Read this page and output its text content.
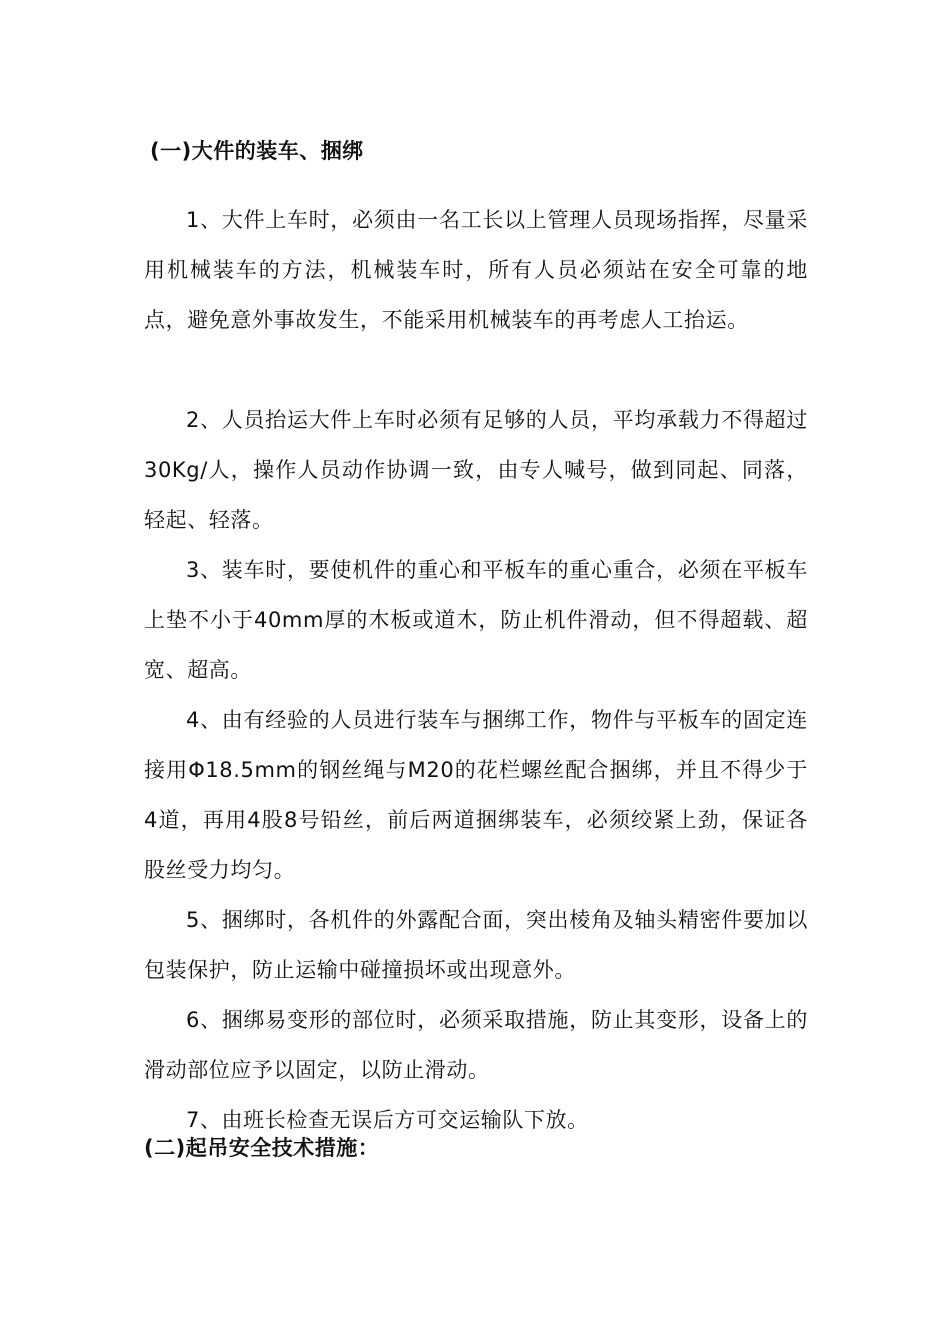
(一)大件的装车、捆绑

1、大件上车时，必须由一名工长以上管理人员现场指挥，尽量采用机械装车的方法，机械装车时，所有人员必须站在安全可靠的地点，避免意外事故发生，不能采用机械装车的再考虑人工抬运。

2、人员抬运大件上车时必须有足够的人员，平均承载力不得超过30Kg/人，操作人员动作协调一致，由专人喊号，做到同起、同落，轻起、轻落。

3、装车时，要使机件的重心和平板车的重心重合，必须在平板车上垫不小于40mm厚的木板或道木，防止机件滑动，但不得超载、超宽、超高。

4、由有经验的人员进行装车与捆绑工作，物件与平板车的固定连接用Φ18.5mm的钢丝绳与M20的花栏螺丝配合捆绑，并且不得少于4道，再用4股8号铅丝，前后两道捆绑装车，必须绞紧上劲，保证各股丝受力均匀。

5、捆绑时，各机件的外露配合面，突出棱角及轴头精密件要加以包装保护，防止运输中碰撞损坏或出现意外。

6、捆绑易变形的部位时，必须采取措施，防止其变形，设备上的滑动部位应予以固定，以防止滑动。

7、由班长检查无误后方可交运输队下放。

(二)起吊安全技术措施：
